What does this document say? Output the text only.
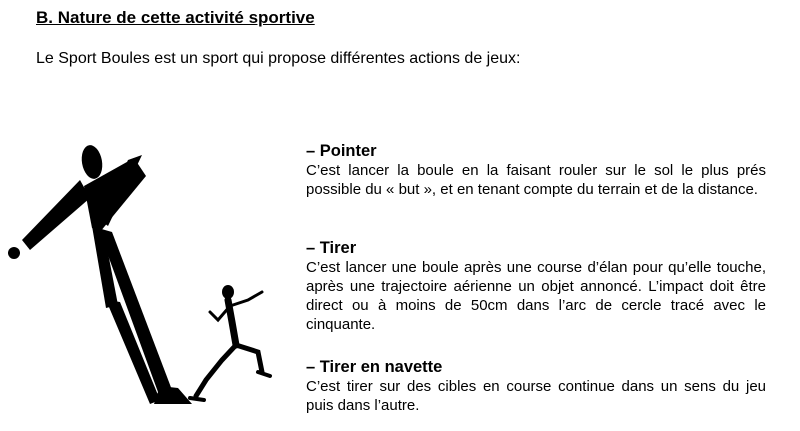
B. Nature de cette activité sportive

Le Sport Boules est un sport qui propose différentes actions de jeux:

– Pointer

C’est lancer la boule en la faisant rouler sur le sol le plus prés possible du « but », et en tenant compte du terrain et de la distance.

– Tirer

C’est lancer une boule après une course d’élan pour qu’elle touche, après une trajectoire aérienne un objet annoncé. L’impact doit être direct ou à moins de 50cm dans l’arc de cercle tracé avec le cinquante.

– Tirer en navette

C’est tirer sur des cibles en course continue dans un sens du jeu puis dans l’autre.
